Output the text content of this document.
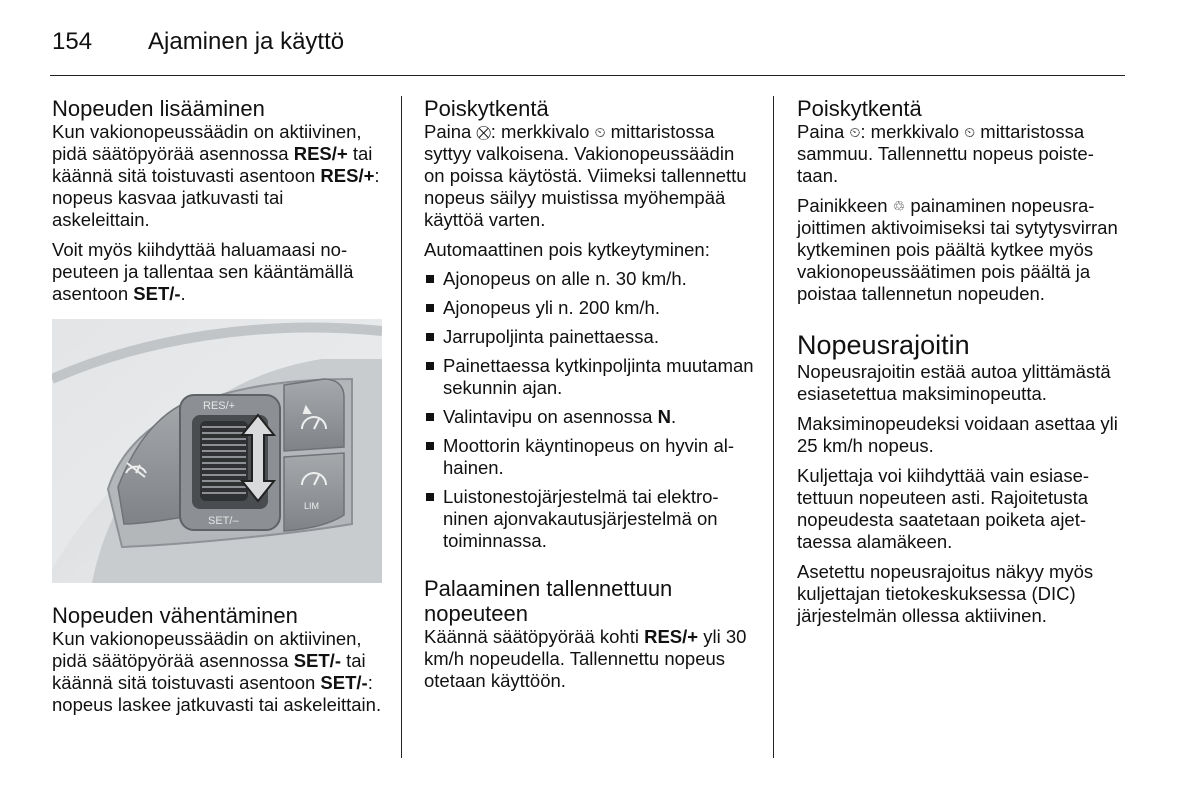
154 Ajaminen ja käyttö
Nopeuden lisääminen

Kun vakionopeussäädin on aktiivinen, pidä säätöpyörää asennossa RES/+ tai käännä sitä toistuvasti asentoon RES/+: nopeus kasvaa jatkuvasti tai askeleittain.

Voit myös kiihdyttää haluamaasi nopeuteen ja tallentaa sen kääntämällä asentoon SET/-.

RES/+
SET/–
LIM
Nopeuden vähentäminen

Kun vakionopeussäädin on aktiivinen, pidä säätöpyörää asennossa SET/- tai käännä sitä toistuvasti asentoon SET/-: nopeus laskee jatkuvasti tai askeleittain.

Poiskytkentä

Paina ⛒: merkkivalo ⏲ mittaristossa syttyy valkoisena. Vakionopeussäädin on poissa käytöstä. Viimeksi tallennettu nopeus säilyy muistissa myöhempää käyttöä varten.

Automaattinen pois kytkeytyminen:

Ajonopeus on alle n. 30 km/h.
Ajonopeus yli n. 200 km/h.
Jarrupoljinta painettaessa.
Painettaessa kytkinpoljinta muutaman sekunnin ajan.
Valintavipu on asennossa N.
Moottorin käyntinopeus on hyvin alhainen.
Luistonestojärjestelmä tai elektroninen ajonvakautusjärjestelmä on toiminnassa.
Palaaminen tallennettuun nopeuteen

Käännä säätöpyörää kohti RES/+ yli 30 km/h nopeudella. Tallennettu nopeus otetaan käyttöön.

Poiskytkentä

Paina ⏲: merkkivalo ⏲ mittaristossa sammuu. Tallennettu nopeus poistetaan.

Painikkeen ♲ painaminen nopeusrajoittimen aktivoimiseksi tai sytytysvirran kytkeminen pois päältä kytkee myös vakionopeussäätimen pois päältä ja poistaa tallennetun nopeuden.

Nopeusrajoitin

Nopeusrajoitin estää autoa ylittämästä esiasetettua maksiminopeutta.

Maksiminopeudeksi voidaan asettaa yli 25 km/h nopeus.

Kuljettaja voi kiihdyttää vain esiasetettuun nopeuteen asti. Rajoitetusta nopeudesta saatetaan poiketa ajettaessa alamäkeen.

Asetettu nopeusrajoitus näkyy myös kuljettajan tietokeskuksessa (DIC) järjestelmän ollessa aktiivinen.
